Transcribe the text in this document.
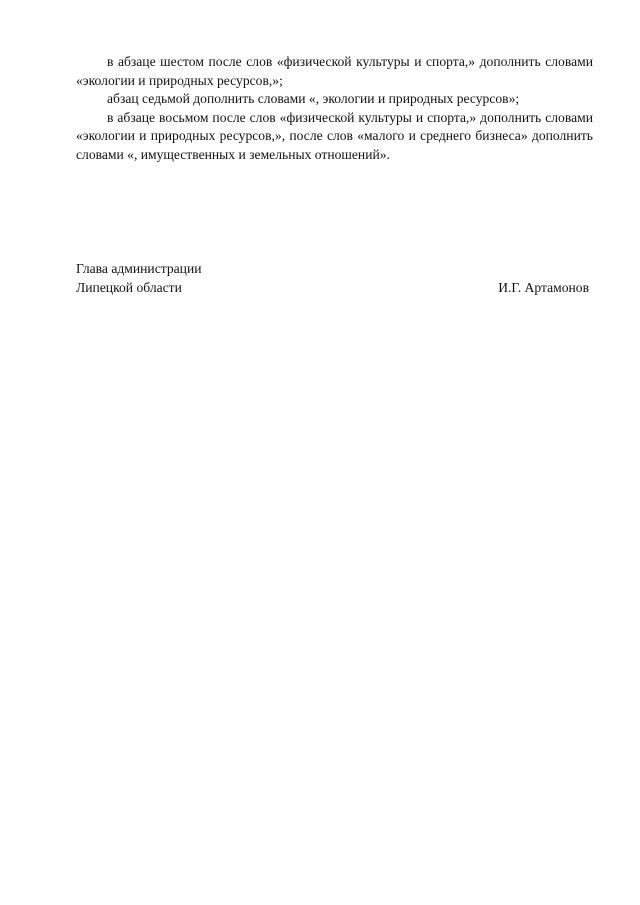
в абзаце шестом после слов «физической культуры и спорта,» дополнить словами «экологии и природных ресурсов,»;

абзац седьмой дополнить словами «, экологии и природных ресурсов»;

в абзаце восьмом после слов «физической культуры и спорта,» дополнить словами «экологии и природных ресурсов,», после слов «малого и среднего бизнеса» дополнить словами «, имущественных и земельных отношений».

Глава администрации
Липецкой области	И.Г. Артамонов
